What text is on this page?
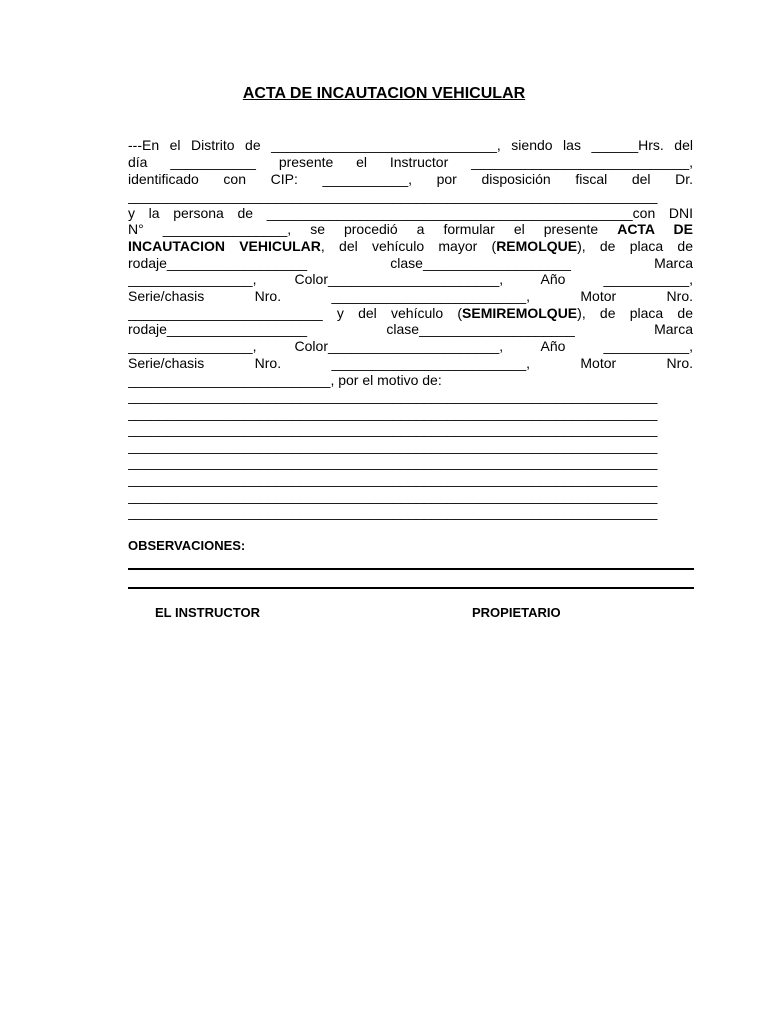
ACTA DE INCAUTACION VEHICULAR
---En el Distrito de _____________________________, siendo las ______Hrs. del
día ___________ presente el Instructor ____________________________,
identificado con CIP: ___________, por disposición fiscal del Dr.
____________________________________________________________________
y la persona de _______________________________________________con DNI
N° ________________, se procedió a formular el presente ACTA DE
INCAUTACION VEHICULAR, del vehículo mayor (REMOLQUE), de placa de
rodaje__________________ clase___________________ Marca
________________, Color______________________, Año ___________,
Serie/chasis Nro. _________________________, Motor Nro.
_________________________ y del vehículo (SEMIREMOLQUE), de placa de
rodaje__________________ clase____________________ Marca
________________, Color______________________, Año ___________,
Serie/chasis Nro. _________________________, Motor Nro.
__________________________, por el motivo de:
____________________________________________________________________
____________________________________________________________________
____________________________________________________________________
____________________________________________________________________
____________________________________________________________________
____________________________________________________________________
____________________________________________________________________
____________________________________________________________________
OBSERVACIONES:
EL INSTRUCTOR	PROPIETARIO
